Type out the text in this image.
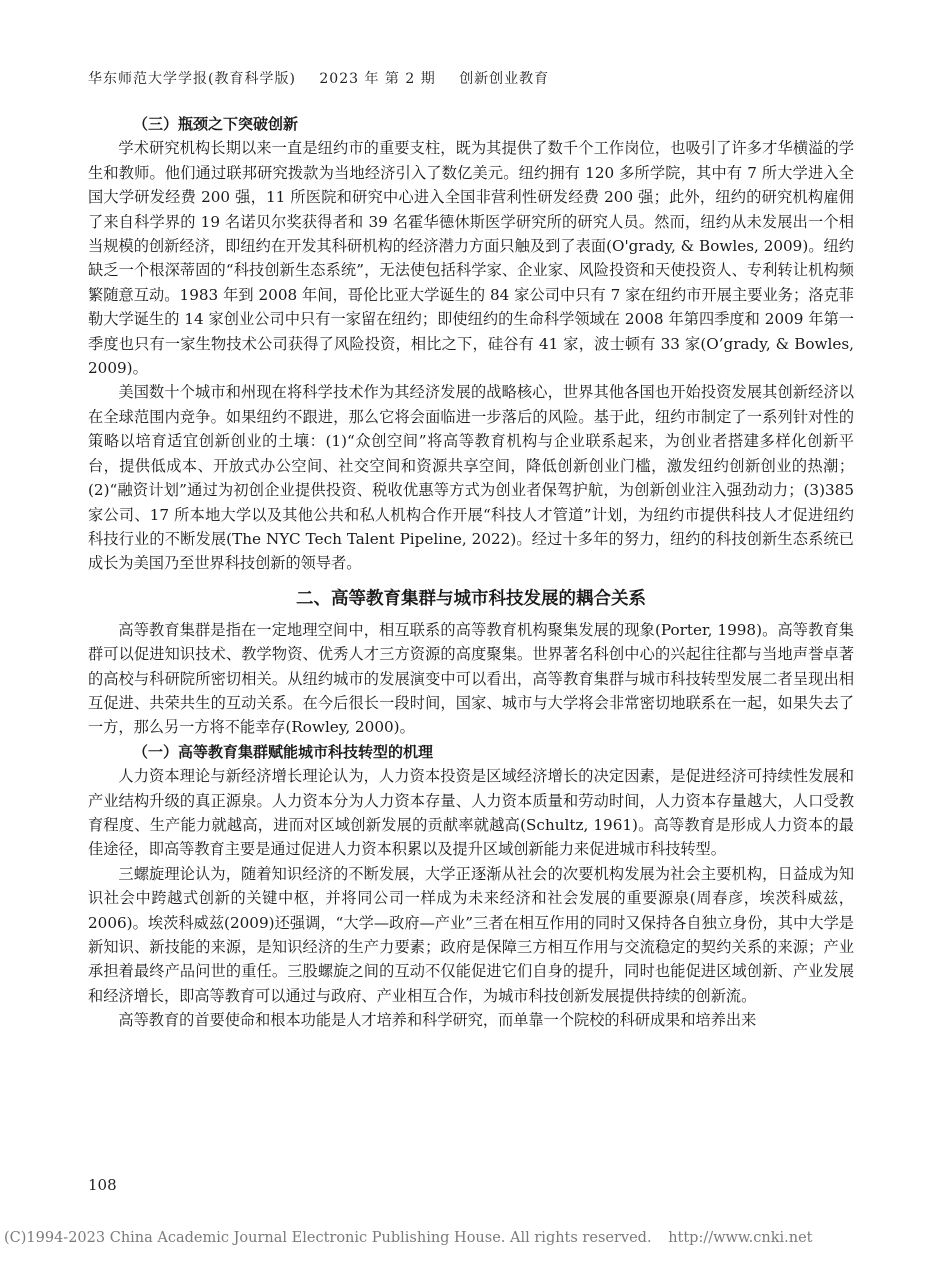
华东师范大学学报(教育科学版) 2023 年 第 2 期 创新创业教育
（三）瓶颈之下突破创新

学术研究机构长期以来一直是纽约市的重要支柱，既为其提供了数千个工作岗位，也吸引了许多才华横溢的学生和教师。他们通过联邦研究拨款为当地经济引入了数亿美元。纽约拥有 120 多所学院，其中有 7 所大学进入全国大学研发经费 200 强，11 所医院和研究中心进入全国非营利性研发经费 200 强；此外，纽约的研究机构雇佣了来自科学界的 19 名诺贝尔奖获得者和 39 名霍华德休斯医学研究所的研究人员。然而，纽约从未发展出一个相当规模的创新经济，即纽约在开发其科研机构的经济潜力方面只触及到了表面(O'grady, & Bowles, 2009)。纽约缺乏一个根深蒂固的“科技创新生态系统”，无法使包括科学家、企业家、风险投资和天使投资人、专利转让机构频繁随意互动。1983 年到 2008 年间，哥伦比亚大学诞生的 84 家公司中只有 7 家在纽约市开展主要业务；洛克菲勒大学诞生的 14 家创业公司中只有一家留在纽约；即使纽约的生命科学领域在 2008 年第四季度和 2009 年第一季度也只有一家生物技术公司获得了风险投资，相比之下，硅谷有 41 家，波士顿有 33 家(O’grady, & Bowles, 2009)。

美国数十个城市和州现在将科学技术作为其经济发展的战略核心，世界其他各国也开始投资发展其创新经济以在全球范围内竞争。如果纽约不跟进，那么它将会面临进一步落后的风险。基于此，纽约市制定了一系列针对性的策略以培育适宜创新创业的土壤：(1)“众创空间”将高等教育机构与企业联系起来，为创业者搭建多样化创新平台，提供低成本、开放式办公空间、社交空间和资源共享空间，降低创新创业门槛，激发纽约创新创业的热潮；(2)“融资计划”通过为初创企业提供投资、税收优惠等方式为创业者保驾护航，为创新创业注入强劲动力；(3)385 家公司、17 所本地大学以及其他公共和私人机构合作开展“科技人才管道”计划，为纽约市提供科技人才促进纽约科技行业的不断发展(The NYC Tech Talent Pipeline, 2022)。经过十多年的努力，纽约的科技创新生态系统已成长为美国乃至世界科技创新的领导者。

二、高等教育集群与城市科技发展的耦合关系

高等教育集群是指在一定地理空间中，相互联系的高等教育机构聚集发展的现象(Porter, 1998)。高等教育集群可以促进知识技术、教学物资、优秀人才三方资源的高度聚集。世界著名科创中心的兴起往往都与当地声誉卓著的高校与科研院所密切相关。从纽约城市的发展演变中可以看出，高等教育集群与城市科技转型发展二者呈现出相互促进、共荣共生的互动关系。在今后很长一段时间，国家、城市与大学将会非常密切地联系在一起，如果失去了一方，那么另一方将不能幸存(Rowley, 2000)。

（一）高等教育集群赋能城市科技转型的机理

人力资本理论与新经济增长理论认为，人力资本投资是区域经济增长的决定因素，是促进经济可持续性发展和产业结构升级的真正源泉。人力资本分为人力资本存量、人力资本质量和劳动时间，人力资本存量越大，人口受教育程度、生产能力就越高，进而对区域创新发展的贡献率就越高(Schultz, 1961)。高等教育是形成人力资本的最佳途径，即高等教育主要是通过促进人力资本积累以及提升区域创新能力来促进城市科技转型。

三螺旋理论认为，随着知识经济的不断发展，大学正逐渐从社会的次要机构发展为社会主要机构，日益成为知识社会中跨越式创新的关键中枢，并将同公司一样成为未来经济和社会发展的重要源泉(周春彦，埃茨科威兹，2006)。埃茨科威兹(2009)还强调，“大学—政府—产业”三者在相互作用的同时又保持各自独立身份，其中大学是新知识、新技能的来源，是知识经济的生产力要素；政府是保障三方相互作用与交流稳定的契约关系的来源；产业承担着最终产品问世的重任。三股螺旋之间的互动不仅能促进它们自身的提升，同时也能促进区域创新、产业发展和经济增长，即高等教育可以通过与政府、产业相互合作，为城市科技创新发展提供持续的创新流。

高等教育的首要使命和根本功能是人才培养和科学研究，而单靠一个院校的科研成果和培养出来

108
(C)1994-2023 China Academic Journal Electronic Publishing House. All rights reserved. http://www.cnki.net
